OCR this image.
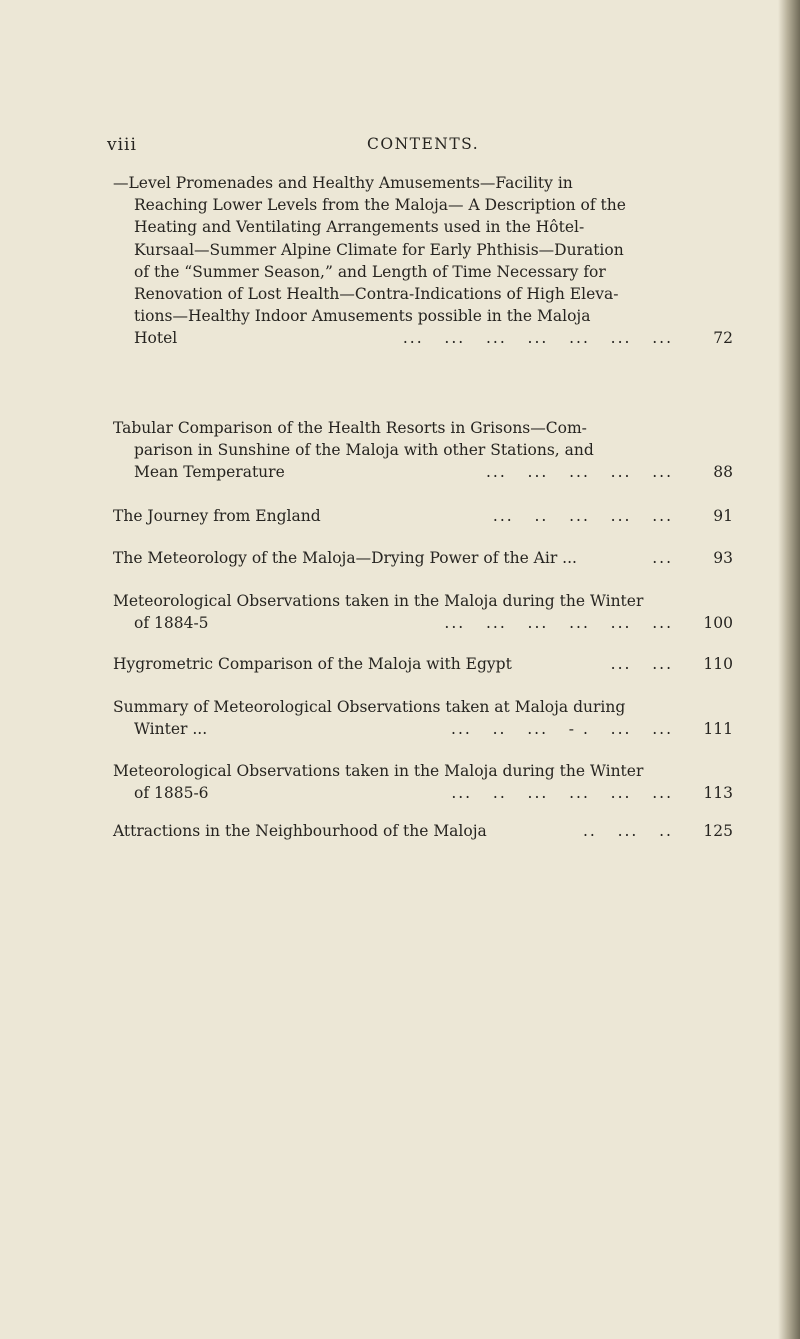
viii	CONTENTS.
—Level Promenades and Healthy Amusements—Facility in
Reaching Lower Levels from the Maloja— A Description of the
Heating and Ventilating Arrangements used in the Hôtel-
Kursaal—Summer Alpine Climate for Early Phthisis—Duration
of the “Summer Season,” and Length of Time Necessary for
Renovation of Lost Health—Contra-Indications of High Eleva-
tions—Healthy Indoor Amusements possible in the Maloja
Hotel	...   ...   ...   ...   ...   ...   ...	72
Tabular Comparison of the Health Resorts in Grisons—Com-
parison in Sunshine of the Maloja with other Stations, and
Mean Temperature	...   ...   ...   ...   ...	88
The Journey from England	...   ..   ...   ...   ...	91
The Meteorology of the Maloja—Drying Power of the Air ...	...	93
Meteorological Observations taken in the Maloja during the Winter
of 1884-5	...   ...   ...   ...   ...   ...	100
Hygrometric Comparison of the Maloja with Egypt	...   ...	110
Summary of Meteorological Observations taken at Maloja during
Winter ...	...   ..   ...   - .   ...   ...	111
Meteorological Observations taken in the Maloja during the Winter
of 1885-6	...   ..   ...   ...   ...   ...	113
Attractions in the Neighbourhood of the Maloja	..   ...   ..	125
